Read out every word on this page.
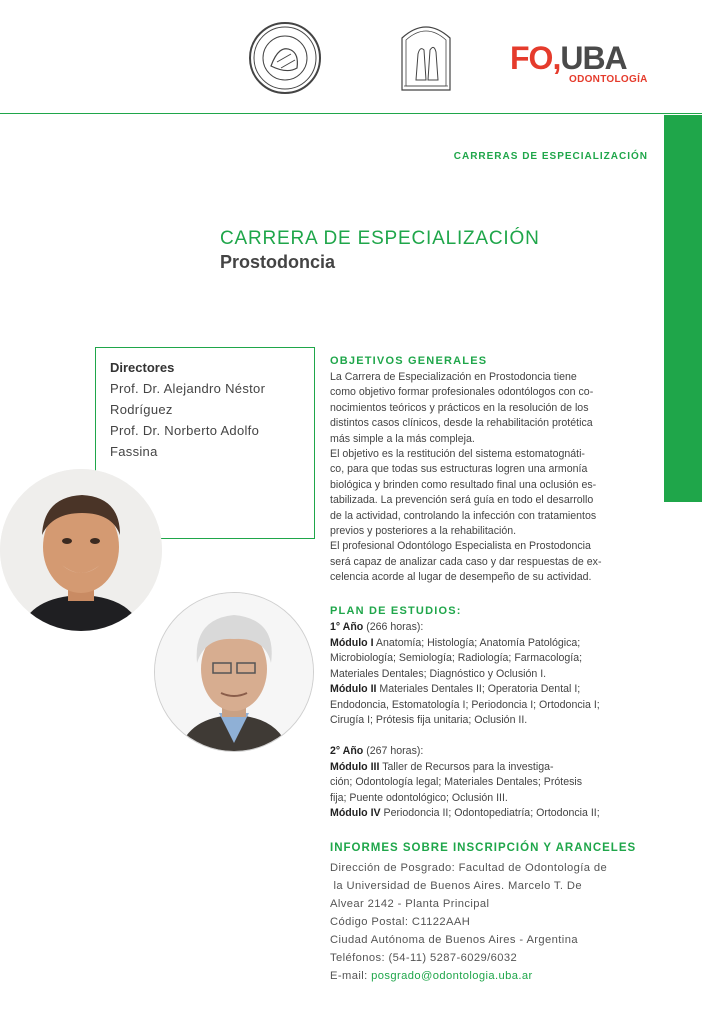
FO,UBA
ODONTOLOGÍA
CARRERAS DE ESPECIALIZACIÓN
CARRERA DE ESPECIALIZACIÓN
Prostodoncia
Directores
Prof. Dr. Alejandro Néstor
Rodríguez
Prof. Dr. Norberto Adolfo
Fassina
OBJETIVOS GENERALES
La Carrera de Especialización en Prostodoncia tiene
como objetivo formar profesionales odontólogos con co-
nocimientos teóricos y prácticos en la resolución de los
distintos casos clínicos, desde la rehabilitación protética
más simple a la más compleja.
El objetivo es la restitución del sistema estomatognáti-
co, para que todas sus estructuras logren una armonía
biológica y brinden como resultado final una oclusión es-
tabilizada. La prevención será guía en todo el desarrollo
de la actividad, controlando la infección con tratamientos
previos y posteriores a la rehabilitación.
El profesional Odontólogo Especialista en Prostodoncia
será capaz de analizar cada caso y dar respuestas de ex-
celencia acorde al lugar de desempeño de su actividad.
PLAN DE ESTUDIOS:
1° Año (266 horas):
Módulo I Anatomía; Histología; Anatomía Patológica;
Microbiología; Semiología; Radiología; Farmacología;
Materiales Dentales; Diagnóstico y Oclusión I.
Módulo II Materiales Dentales II; Operatoria Dental I;
Endodoncia, Estomatología I; Periodoncia I; Ortodoncia I;
Cirugía I; Prótesis fija unitaria; Oclusión II.
2° Año (267 horas):
Módulo III Taller de Recursos para la investiga-
ción; Odontología legal; Materiales Dentales; Prótesis
fija; Puente odontológico; Oclusión III.
Módulo IV Periodoncia II; Odontopediatría; Ortodoncia II;
INFORMES SOBRE INSCRIPCIÓN Y ARANCELES
Dirección de Posgrado: Facultad de Odontología de
la Universidad de Buenos Aires. Marcelo T. De
Alvear 2142 - Planta Principal
Código Postal: C1122AAH
Ciudad Autónoma de Buenos Aires - Argentina
Teléfonos: (54-11) 5287-6029/6032
E-mail: posgrado@odontologia.uba.ar
